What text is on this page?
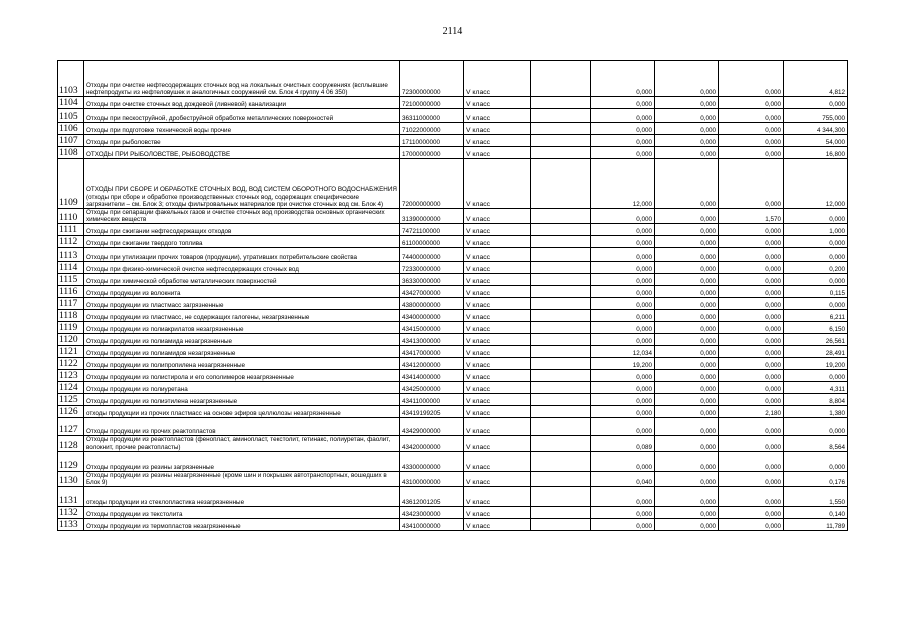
2114
1103	Отходы при очистке нефтесодержащих сточных вод на локальных очистных сооружениях (всплывшие нефтепродукты из нефтеловушек и аналогичных сооружений см. Блок 4 группу 4 06 350)	72300000000	V класс		0,000	0,000	0,000	4,812
1104	Отходы при очистке сточных вод дождевой (ливневой) канализации	72100000000	V класс		0,000	0,000	0,000	0,000
1105	Отходы при пескоструйной, дробеструйной обработке металлических поверхностей	36311000000	V класс		0,000	0,000	0,000	755,000
1106	Отходы при подготовке технической воды прочие	71022000000	V класс		0,000	0,000	0,000	4 344,300
1107	Отходы при рыболовстве	17110000000	V класс		0,000	0,000	0,000	54,000
1108	ОТХОДЫ ПРИ РЫБОЛОВСТВЕ, РЫБОВОДСТВЕ	17000000000	V класс		0,000	0,000	0,000	16,800
1109	ОТХОДЫ ПРИ СБОРЕ И ОБРАБОТКЕ СТОЧНЫХ ВОД, ВОД СИСТЕМ ОБОРОТНОГО ВОДОСНАБЖЕНИЯ (отходы при сборе и обработке производственных сточных вод, содержащих специфические загрязнители – см. Блок 3; отходы фильтровальных материалов при очистке сточных вод см. Блок 4)	72000000000	V класс		12,000	0,000	0,000	12,000
1110	Отходы при сепарации факельных газов и очистке сточных вод производства основных органических химических веществ	31390000000	V класс		0,000	0,000	1,570	0,000
1111	Отходы при сжигании нефтесодержащих отходов	74721100000	V класс		0,000	0,000	0,000	1,000
1112	Отходы при сжигании твердого топлива	61100000000	V класс		0,000	0,000	0,000	0,000
1113	Отходы при утилизации прочих товаров (продукции), утративших потребительские свойства	74400000000	V класс		0,000	0,000	0,000	0,000
1114	Отходы при физико-химической очистке нефтесодержащих сточных вод	72330000000	V класс		0,000	0,000	0,000	0,200
1115	Отходы при химической обработке металлических поверхностей	36330000000	V класс		0,000	0,000	0,000	0,000
1116	Отходы продукции из волокнита	43427000000	V класс		0,000	0,000	0,000	0,115
1117	Отходы продукции из пластмасс загрязненные	43800000000	V класс		0,000	0,000	0,000	0,000
1118	Отходы продукции из пластмасс, не содержащих галогены, незагрязненные	43400000000	V класс		0,000	0,000	0,000	6,211
1119	Отходы продукции из полиакрилатов незагрязненные	43415000000	V класс		0,000	0,000	0,000	6,150
1120	Отходы продукции из полиамида незагрязненные	43413000000	V класс		0,000	0,000	0,000	26,561
1121	Отходы продукции из полиамидов незагрязненные	43417000000	V класс		12,034	0,000	0,000	28,491
1122	Отходы продукции из полипропилена незагрязненные	43412000000	V класс		19,200	0,000	0,000	19,200
1123	Отходы продукции из полистирола и его сополимеров незагрязненные	43414000000	V класс		0,000	0,000	0,000	0,000
1124	Отходы продукции из полиуретана	43425000000	V класс		0,000	0,000	0,000	4,311
1125	Отходы продукции из полиэтилена незагрязненные	43411000000	V класс		0,000	0,000	0,000	8,804
1126	отходы продукции из прочих пластмасс на основе эфиров целлюлозы незагрязненные	43419199205	V класс		0,000	0,000	2,180	1,380
1127	Отходы продукции из прочих реактопластов	43429000000	V класс		0,000	0,000	0,000	0,000
1128	Отходы продукции из реактопластов (фенопласт, аминопласт, текстолит, гетинакс, полиуретан, фаолит, волокнит, прочие реактопласты)	43420000000	V класс		0,089	0,000	0,000	8,564
1129	Отходы продукции из резины загрязненные	43300000000	V класс		0,000	0,000	0,000	0,000
1130	Отходы продукции из резины незагрязненные (кроме шин и покрышек автотранспортных, вошедших в Блок 9)	43100000000	V класс		0,040	0,000	0,000	0,176
1131	отходы продукции из стеклопластика незагрязненные	43612001205	V класс		0,000	0,000	0,000	1,550
1132	Отходы продукции из текстолита	43423000000	V класс		0,000	0,000	0,000	0,140
1133	Отходы продукции из термопластов незагрязненные	43410000000	V класс		0,000	0,000	0,000	11,789
